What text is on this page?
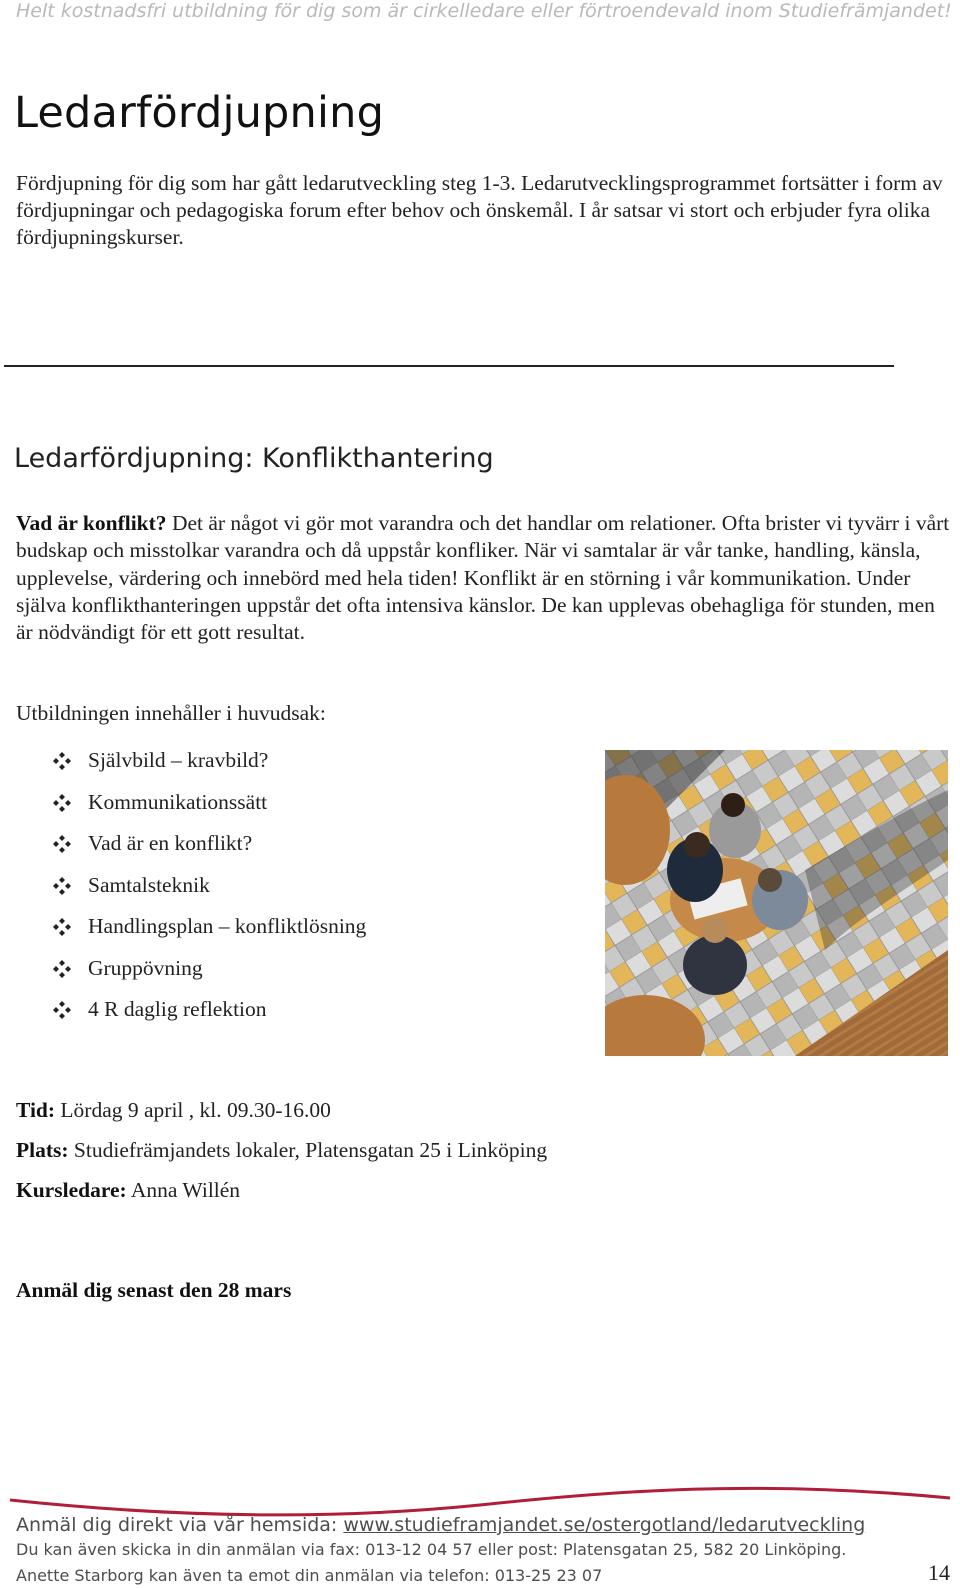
Helt kostnadsfri utbildning för dig som är cirkelledare eller förtroendevald inom Studiefrämjandet!
Ledarfördjupning
Fördjupning för dig som har gått ledarutveckling steg 1-3. Ledarutvecklingsprogrammet fortsätter i form av fördjupningar och pedagogiska forum efter behov och önskemål. I år satsar vi stort och erbjuder fyra olika fördjupningskurser.
Ledarfördjupning: Konflikthantering
Vad är konflikt? Det är något vi gör mot varandra och det handlar om relationer. Ofta brister vi tyvärr i vårt budskap och misstolkar varandra och då uppstår konfliker. När vi samtalar är vår tanke, handling, känsla, upplevelse, värdering och innebörd med hela tiden! Konflikt är en störning i vår kommunikation. Under själva konflikthanteringen uppstår det ofta intensiva känslor. De kan upplevas obehagliga för stunden, men är nödvändigt för ett gott resultat.
Utbildningen innehåller i huvudsak:
Självbild – kravbild?
Kommunikationssätt
Vad är en konflikt?
Samtalsteknik
Handlingsplan – konfliktlösning
Gruppövning
4 R daglig reflektion
Tid: Lördag 9 april , kl. 09.30-16.00
Plats: Studiefrämjandets lokaler, Platensgatan 25 i Linköping
Kursledare: Anna Willén
Anmäl dig senast den 28 mars
Anmäl dig direkt via vår hemsida: www.studieframjandet.se/ostergotland/ledarutveckling
Du kan även skicka in din anmälan via fax: 013-12 04 57 eller post: Platensgatan 25, 582 20 Linköping.
Anette Starborg kan även ta emot din anmälan via telefon: 013-25 23 07	14
